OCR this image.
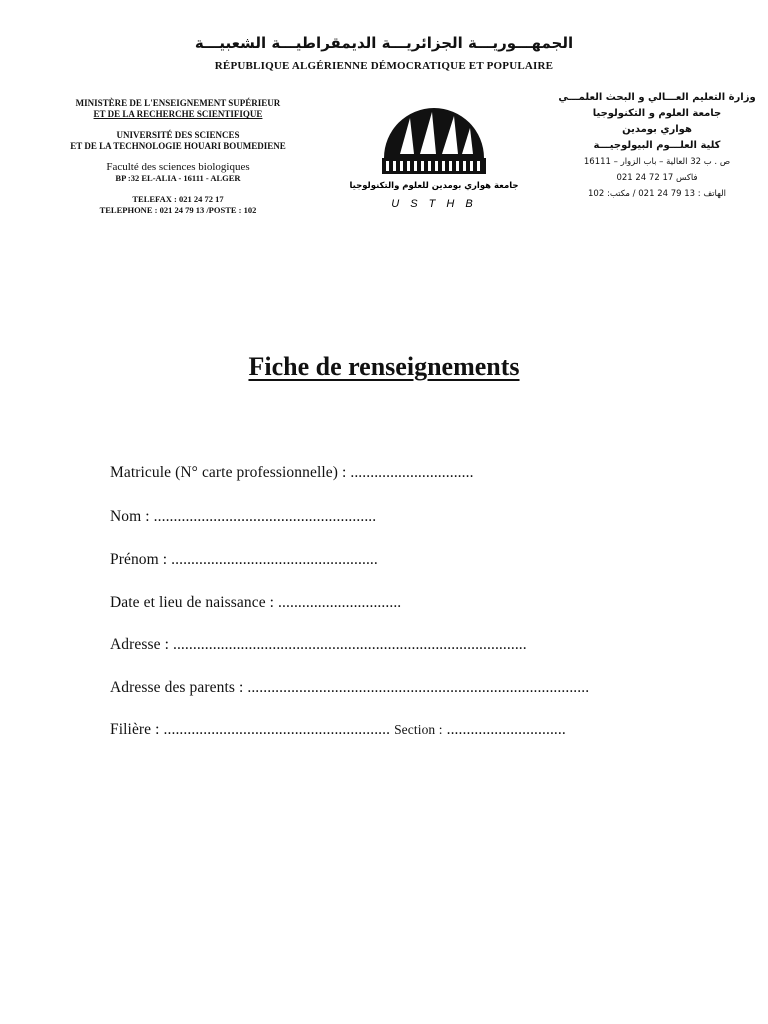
الجمهـــوريـــة الجزائريـــة الديمقراطيـــة الشعبيـــة
RÉPUBLIQUE ALGÉRIENNE DÉMOCRATIQUE ET POPULAIRE
MINISTÈRE DE L'ENSEIGNEMENT SUPÉRIEUR
ET DE LA RECHERCHE SCIENTIFIQUE
UNIVERSITÉ DES SCIENCES
ET DE LA TECHNOLOGIE HOUARI BOUMEDIENE
Faculté des sciences biologiques
BP :32 EL-ALIA - 16111 - ALGER
TELEFAX : 021 24 72 17
TELEPHONE : 021 24 79 13 /POSTE : 102
جامعة هواري بومدين للعلوم والتكنولوجيا
U S T H B
وزارة التعليم العـــالي و البحث العلمـــي
جامعة العلوم و التكنولوجيا
هواري بومدين
كلية العلـــوم البيولوجيـــة
ص . ب 32 العالية – باب الزوار – 16111
فاكس 17 72 24 021
الهاتف : 13 79 24 021 / مكتب: 102
Fiche de renseignements
Matricule (N° carte professionnelle) : ...............................
Nom : ........................................................
Prénom : ....................................................
Date et lieu de naissance : ...............................
Adresse : .........................................................................................
Adresse des parents : ......................................................................................
Filière : ......................................................... Section : ..............................
